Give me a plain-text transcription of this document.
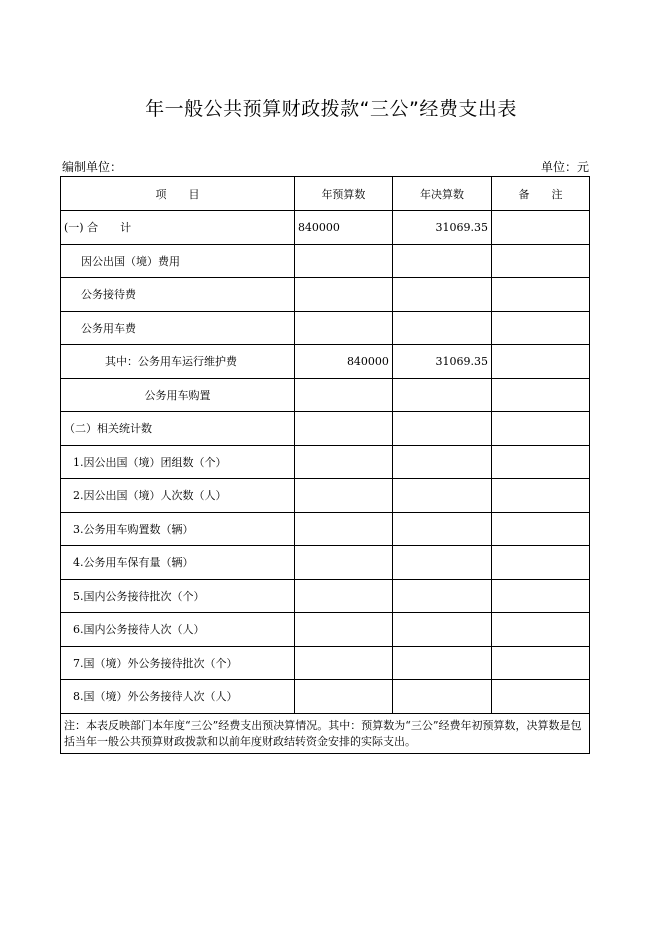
年一般公共预算财政拨款“三公”经费支出表
编制单位：	单位：元
项　　目	年预算数	年决算数	备　　注
(一) 合　　计	840000	31069.35	
因公出国（境）费用			
公务接待费			
公务用车费			
其中：公务用车运行维护费	840000	31069.35	
公务用车购置			
（二）相关统计数			
1.因公出国（境）团组数（个）			
2.因公出国（境）人次数（人）			
3.公务用车购置数（辆）			
4.公务用车保有量（辆）			
5.国内公务接待批次（个）			
6.国内公务接待人次（人）			
7.国（境）外公务接待批次（个）			
8.国（境）外公务接待人次（人）			
注：本表反映部门本年度“三公”经费支出预决算情况。其中：预算数为“三公”经费年初预算数，决算数是包括当年一般公共预算财政拨款和以前年度财政结转资金安排的实际支出。			
